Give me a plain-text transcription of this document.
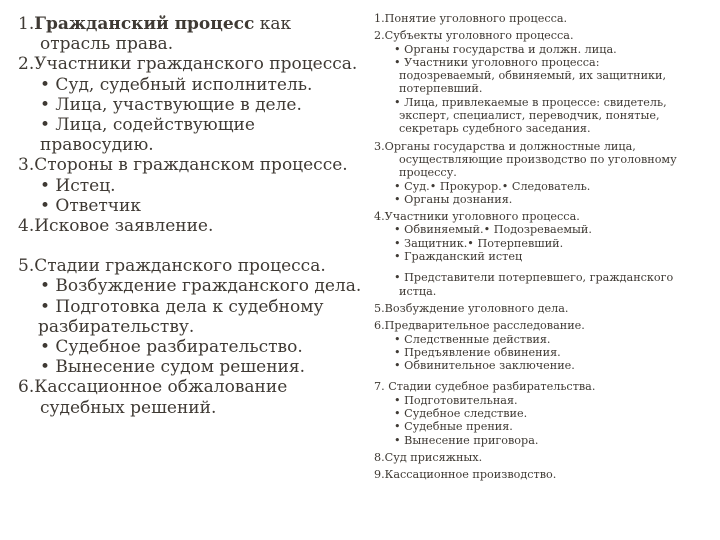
1.Гражданский процесс как
отрасль права.
2.Участники гражданского процесса.
• Суд, судебный исполнитель.
• Лица, участвующие в деле.
• Лица, содействующие
правосудию.
3.Стороны в гражданском процессе.
• Истец.
• Ответчик
4.Исковое заявление.
5.Стадии гражданского процесса.
• Возбуждение гражданского дела.
• Подготовка дела к судебному
разбирательству.
• Судебное разбирательство.
• Вынесение судом решения.
6.Кассационное обжалование
судебных решений.
1.Понятие уголовного процесса.
2.Субъекты уголовного процесса.
• Органы государства и должн. лица.
• Участники уголовного процесса:
подозреваемый, обвиняемый, их защитники,
потерпевший.
• Лица, привлекаемые в процессе: свидетель,
эксперт, специалист, переводчик, понятые,
секретарь судебного заседания.
3.Органы государства и должностные лица,
осуществляющие производство по уголовному
процессу.
• Суд.• Прокурор.• Следователь.
• Органы дознания.
4.Участники уголовного процесса.
• Обвиняемый.• Подозреваемый.
• Защитник.• Потерпевший.
• Гражданский истец
• Представители потерпевшего, гражданского
истца.
5.Возбуждение уголовного дела.
6.Предварительное расследование.
• Следственные действия.
• Предъявление обвинения.
• Обвинительное заключение.
7. Стадии судебное разбирательства.
• Подготовительная.
• Судебное следствие.
• Судебные прения.
• Вынесение приговора.
8.Суд присяжных.
9.Кассационное производство.
